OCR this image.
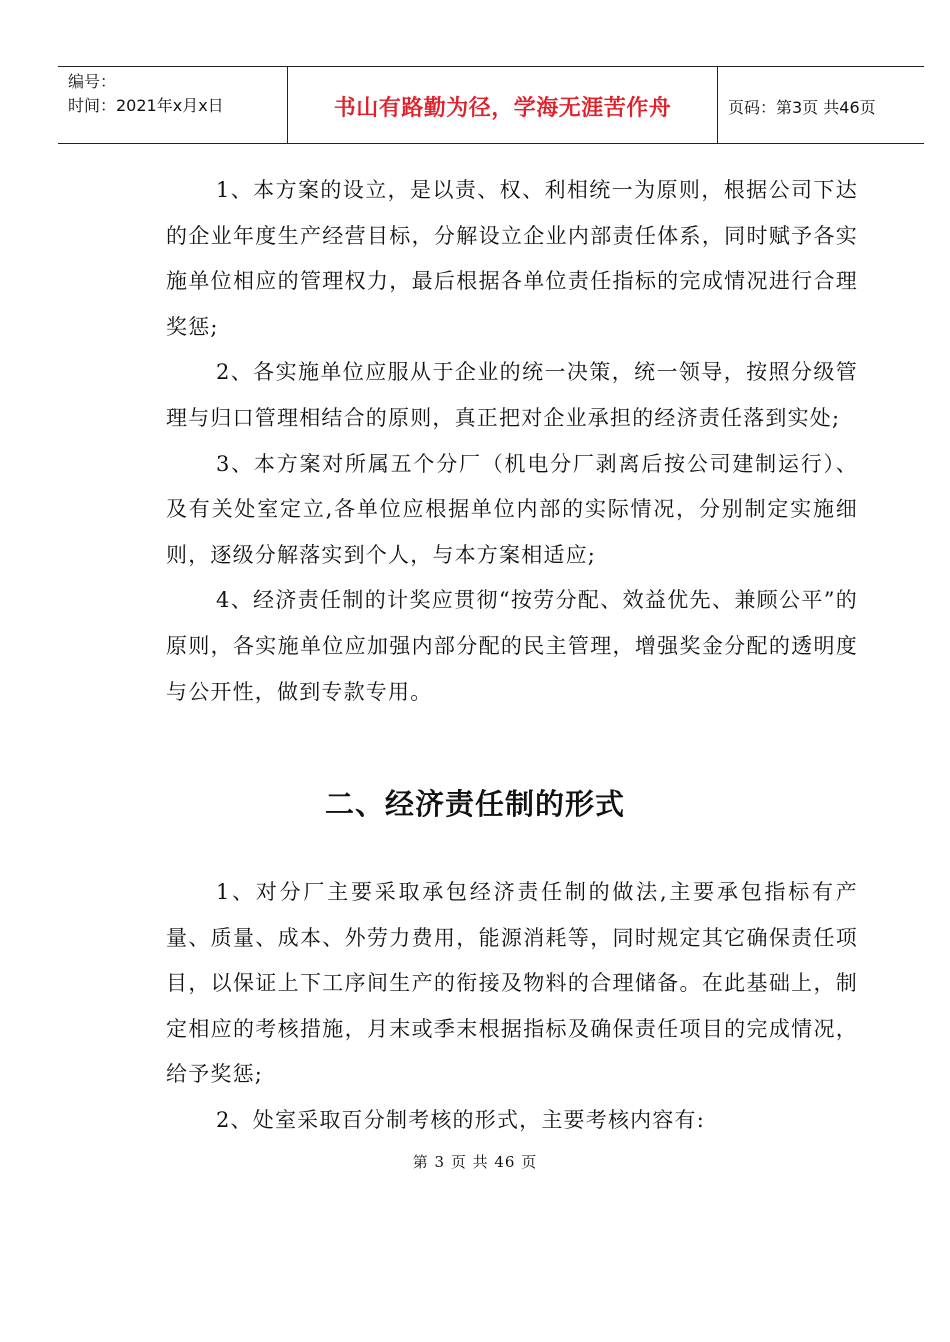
编号：
时间：2021年x月x日	书山有路勤为径，学海无涯苦作舟	页码：第3页 共46页

1、本方案的设立，是以责、权、利相统一为原则，根据公司下达的企业年度生产经营目标，分解设立企业内部责任体系，同时赋予各实施单位相应的管理权力，最后根据各单位责任指标的完成情况进行合理奖惩;

2、各实施单位应服从于企业的统一决策，统一领导，按照分级管理与归口管理相结合的原则，真正把对企业承担的经济责任落到实处;

3、本方案对所属五个分厂（机电分厂剥离后按公司建制运行）、及有关处室定立,各单位应根据单位内部的实际情况，分别制定实施细则，逐级分解落实到个人，与本方案相适应;

4、经济责任制的计奖应贯彻“按劳分配、效益优先、兼顾公平”的原则，各实施单位应加强内部分配的民主管理，增强奖金分配的透明度与公开性，做到专款专用。

二、经济责任制的形式

1、对分厂主要采取承包经济责任制的做法,主要承包指标有产量、质量、成本、外劳力费用，能源消耗等，同时规定其它确保责任项目，以保证上下工序间生产的衔接及物料的合理储备。在此基础上，制定相应的考核措施，月末或季末根据指标及确保责任项目的完成情况，给予奖惩;

2、处室采取百分制考核的形式，主要考核内容有:

第 3 页 共 46 页
